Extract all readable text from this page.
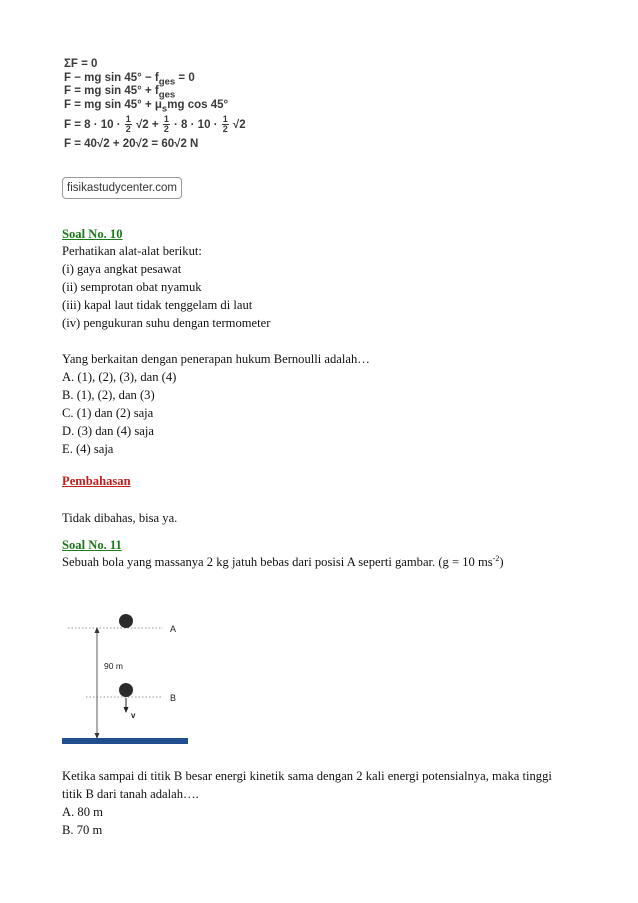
ΣF = 0
F − mg $\sin 45^\circ - f_{ges} = 0$
F = mg $\sin 45^\circ + f_{ges}$
F = mg $\sin 45^\circ + \mu_smg$ cos 45°
$F = 8 \cdot 10 \cdot \frac{1}{2} √2 + \frac{1}{2} \cdot 8 \cdot 10 \cdot \frac{1}{2} √2$
F = 40√2 + 20√2 = 60√2 N
fisikastudycenter.com
Soal No. 10
Perhatikan alat-alat berikut:
(i) gaya angkat pesawat
(ii) semprotan obat nyamuk
(iii) kapal laut tidak tenggelam di laut
(iv) pengukuran suhu dengan termometer
Yang berkaitan dengan penerapan hukum Bernoulli adalah…
A. (1), (2), (3), dan (4)
B. (1), (2), dan (3)
C. (1) dan (2) saja
D. (3) dan (4) saja
E. (4) saja
Pembahasan
Tidak dibahas, bisa ya.
Soal No. 11
Sebuah bola yang massanya 2 kg jatuh bebas dari posisi A seperti gambar. (g = 10 $ms^{-2}$)
A
B
90 m
v
Ketika sampai di titik B besar energi kinetik sama dengan 2 kali energi potensialnya, maka tinggi titik B dari tanah adalah….
A. 80 m
B. 70 m
